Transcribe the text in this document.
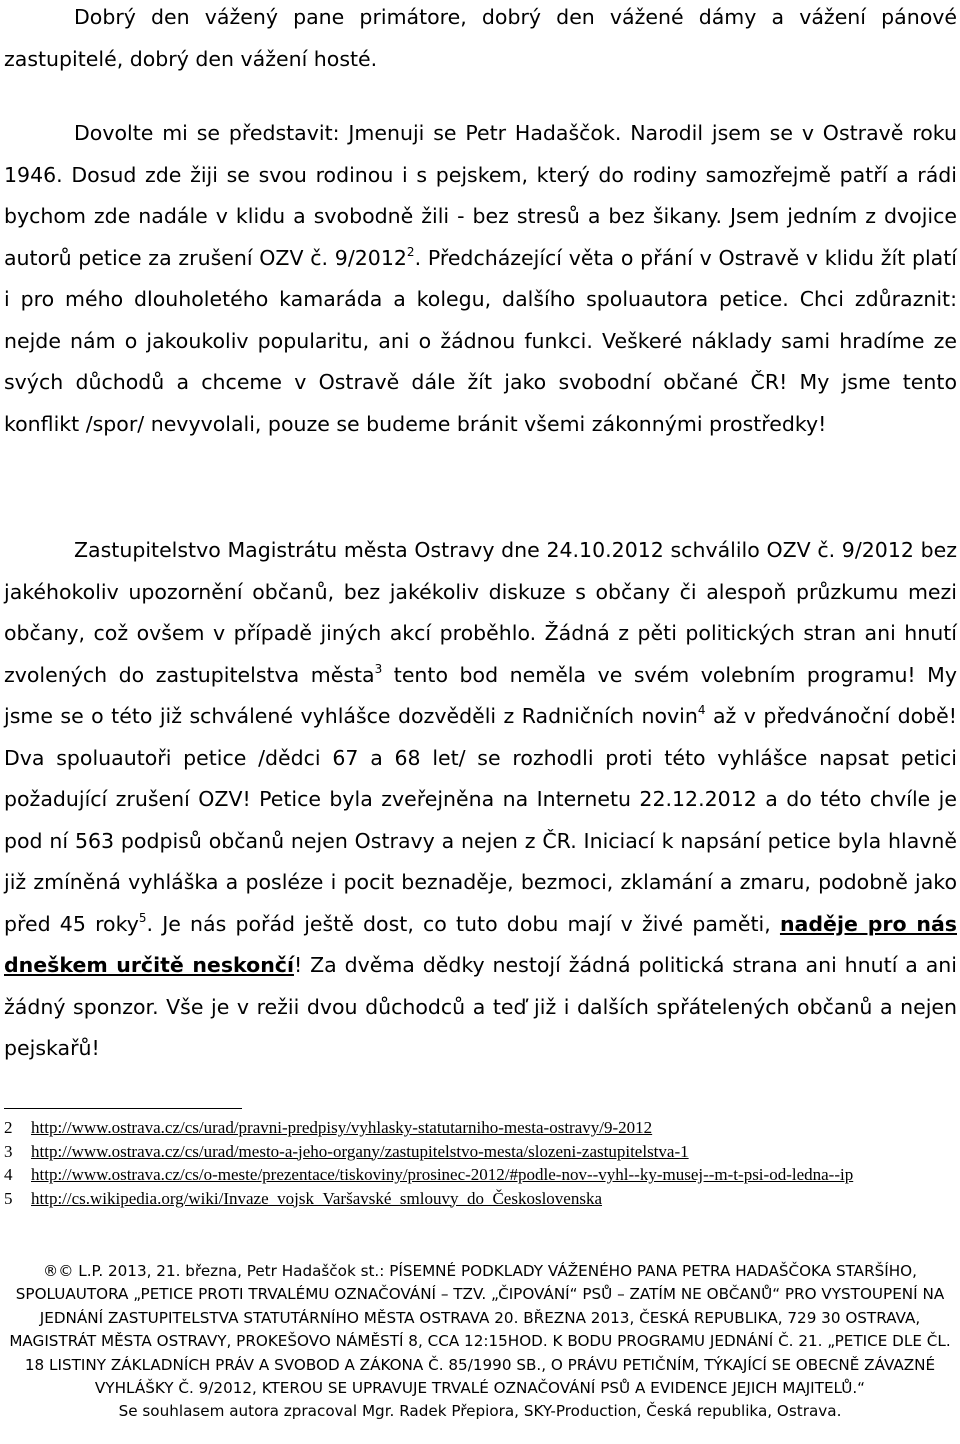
Dobrý den vážený pane primátore, dobrý den vážené dámy a vážení pánové zastupitelé, dobrý den vážení hosté.

Dovolte mi se představit: Jmenuji se Petr Hadaščok. Narodil jsem se v Ostravě roku 1946. Dosud zde žiji se svou rodinou i s pejskem, který do rodiny samozřejmě patří a rádi bychom zde nadále v klidu a svobodně žili - bez stresů a bez šikany. Jsem jedním z dvojice autorů petice za zrušení OZV č. 9/2012$^2$. Předcházející věta o přání v Ostravě v klidu žít platí i pro mého dlouholetého kamaráda a kolegu, dalšího spoluautora petice. Chci zdůraznit: nejde nám o jakoukoliv popularitu, ani o žádnou funkci. Veškeré náklady sami hradíme ze svých důchodů a chceme v Ostravě dále žít jako svobodní občané ČR! My jsme tento konflikt /spor/ nevyvolali, pouze se budeme bránit všemi zákonnými prostředky!

Zastupitelstvo Magistrátu města Ostravy dne 24.10.2012 schválilo OZV č. 9/2012 bez jakéhokoliv upozornění občanů, bez jakékoliv diskuze s občany či alespoň průzkumu mezi občany, což ovšem v případě jiných akcí proběhlo. Žádná z pěti politických stran ani hnutí zvolených do zastupitelstva města$^3$ tento bod neměla ve svém volebním programu! My jsme se o této již schválené vyhlášce dozvěděli z Radničních novin$^4$ až v předvánoční době! Dva spoluautoři petice /dědci 67 a 68 let/ se rozhodli proti této vyhlášce napsat petici požadující zrušení OZV! Petice byla zveřejněna na Internetu 22.12.2012 a do této chvíle je pod ní 563 podpisů občanů nejen Ostravy a nejen z ČR. Iniciací k napsání petice byla hlavně již zmíněná vyhláška a posléze i pocit beznaděje, bezmoci, zklamání a zmaru, podobně jako před 45 roky$^5$. Je nás pořád ještě dost, co tuto dobu mají v živé paměti, naděje pro nás dneškem určitě neskončí! Za dvěma dědky nestojí žádná politická strana ani hnutí a ani žádný sponzor. Vše je v režii dvou důchodců a teď již i dalších spřátelených občanů a nejen pejskařů!

2	http://www.ostrava.cz/cs/urad/pravni-predpisy/vyhlasky-statutarniho-mesta-ostravy/9-2012
3	http://www.ostrava.cz/cs/urad/mesto-a-jeho-organy/zastupitelstvo-mesta/slozeni-zastupitelstva-1
4	http://www.ostrava.cz/cs/o-meste/prezentace/tiskoviny/prosinec-2012/#podle-nov--vyhl--ky-musej--m-t-psi-od-ledna--ip
5	http://cs.wikipedia.org/wiki/Invaze_vojsk_Varšavské_smlouvy_do_Československa

®© L.P. 2013, 21. března, Petr Hadaščok st.: PÍSEMNÉ PODKLADY VÁŽENÉHO PANA PETRA HADAŠČOKA STARŠÍHO, SPOLUAUTORA „PETICE PROTI TRVALÉMU OZNAČOVÁNÍ – TZV. „ČIPOVÁNÍ“ PSŮ – ZATÍM NE OBČANŮ“ PRO VYSTOUPENÍ NA JEDNÁNÍ ZASTUPITELSTVA STATUTÁRNÍHO MĚSTA OSTRAVA 20. BŘEZNA 2013, ČESKÁ REPUBLIKA, 729 30 OSTRAVA, MAGISTRÁT MĚSTA OSTRAVY, PROKEŠOVO NÁMĚSTÍ 8, CCA 12:15HOD. K BODU PROGRAMU JEDNÁNÍ Č. 21. „PETICE DLE ČL. 18 LISTINY ZÁKLADNÍCH PRÁV A SVOBOD A ZÁKONA Č. 85/1990 SB., O PRÁVU PETIČNÍM, TÝKAJÍCÍ SE OBECNĚ ZÁVAZNÉ VYHLÁŠKY Č. 9/2012, KTEROU SE UPRAVUJE TRVALÉ OZNAČOVÁNÍ PSŮ A EVIDENCE JEJICH MAJITELŮ.“
Se souhlasem autora zpracoval Mgr. Radek Přepiora, SKY-Production, Česká republika, Ostrava.
